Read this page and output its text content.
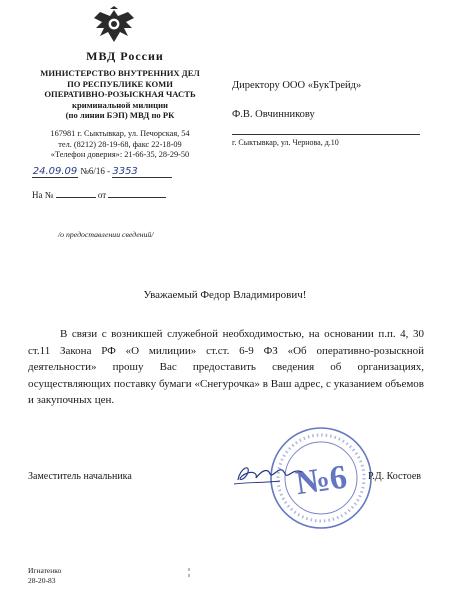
МВД России
МИНИСТЕРСТВО ВНУТРЕННИХ ДЕЛ
ПО РЕСПУБЛИКЕ КОМИ
ОПЕРАТИВНО-РОЗЫСКНАЯ ЧАСТЬ
криминальной милиции
(по линии БЭП) МВД по РК
167981 г. Сыктывкар, ул. Печорская, 54
тел. (8212) 28-19-68, факс 22-18-09
«Телефон доверия»: 21-66-35, 28-29-50
24.09.09 №6/16 - 3353
На №	от
/о предоставлении сведений/
Директору ООО «БукТрейд»
Ф.В. Овчинникову
г. Сыктывкар, ул. Чернова, д.10
Уважаемый Федор Владимирович!
В связи с возникшей служебной необходимостью, на основании п.п. 4, 30 ст.11 Закона РФ «О милиции» ст.ст. 6-9 ФЗ «Об оперативно-розыскной деятельности» прошу Вас предоставить сведения об организациях, осуществляющих поставку бумаги «Снегурочка» в Ваш адрес, с указанием объемов и закупочных цен.
№6
Заместитель начальника	Р.Д. Костоев
Игнатенко
28-20-83
